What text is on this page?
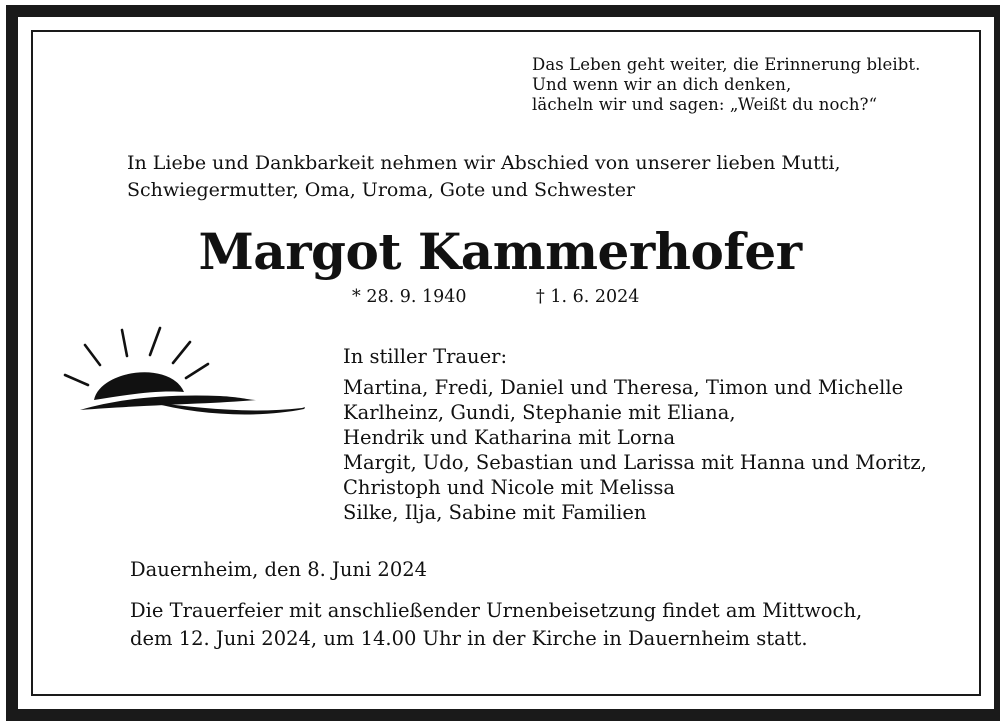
Das Leben geht weiter, die Erinnerung bleibt.
Und wenn wir an dich denken,
lächeln wir und sagen: „Weißt du noch?“
In Liebe und Dankbarkeit nehmen wir Abschied von unserer lieben Mutti,
Schwiegermutter, Oma, Uroma, Gote und Schwester
Margot Kammerhofer
* 28. 9. 1940	† 1. 6. 2024
In stiller Trauer:
Martina, Fredi, Daniel und Theresa, Timon und Michelle
Karlheinz, Gundi, Stephanie mit Eliana,
Hendrik und Katharina mit Lorna
Margit, Udo, Sebastian und Larissa mit Hanna und Moritz,
Christoph und Nicole mit Melissa
Silke, Ilja, Sabine mit Familien
Dauernheim, den 8. Juni 2024
Die Trauerfeier mit anschließender Urnenbeisetzung findet am Mittwoch,
dem 12. Juni 2024, um 14.00 Uhr in der Kirche in Dauernheim statt.
